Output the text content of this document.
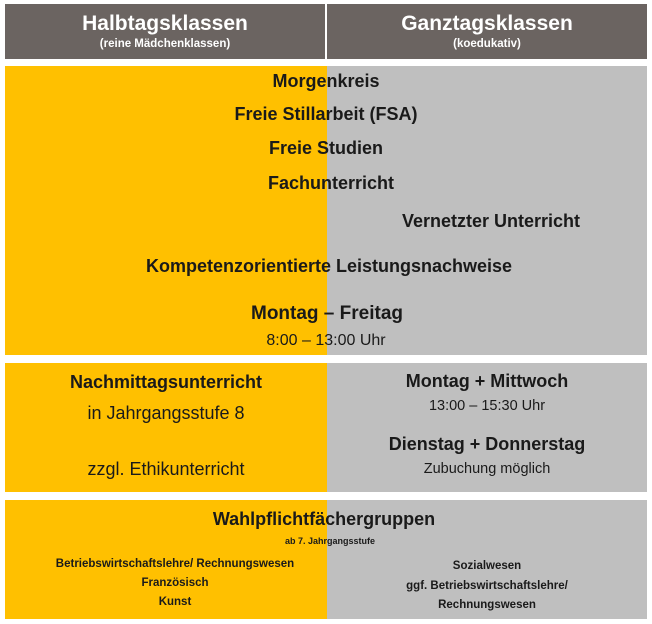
Halbtagsklassen
(reine Mädchenklassen)
Ganztagsklassen
(koedukativ)
Morgenkreis
Freie Stillarbeit (FSA)
Freie Studien
Fachunterricht
Vernetzter Unterricht
Kompetenzorientierte Leistungsnachweise
Montag – Freitag
8:00 – 13:00 Uhr
Nachmittagsunterricht
in Jahrgangsstufe 8
zzgl. Ethikunterricht
Montag + Mittwoch
13:00 – 15:30 Uhr
Dienstag + Donnerstag
Zubuchung möglich
Wahlpflichtfächergruppen
ab 7. Jahrgangsstufe
Betriebswirtschaftslehre/ Rechnungswesen
Französisch
Kunst
Sozialwesen
ggf. Betriebswirtschaftslehre/
Rechnungswesen
